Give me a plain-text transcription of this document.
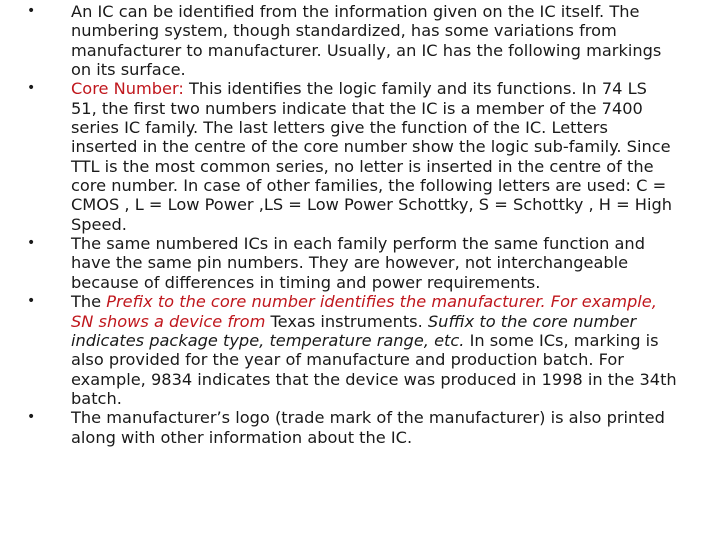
•	An IC can be identified from the information given on the IC itself. The numbering system, though standardized, has some variations from manufacturer to manufacturer. Usually, an IC has the following markings on its surface.
•	Core Number: This identifies the logic family and its functions. In 74 LS 51, the first two numbers indicate that the IC is a member of the 7400 series IC family. The last letters give the function of the IC. Letters inserted in the centre of the core number show the logic sub-family. Since TTL is the most common series, no letter is inserted in the centre of the core number. In case of other families, the following letters are used: C = CMOS , L = Low Power ,LS = Low Power Schottky, S = Schottky , H = High Speed.
•	The same numbered ICs in each family perform the same function and have the same pin numbers. They are however, not interchangeable because of differences in timing and power requirements.
•	The Prefix to the core number identifies the manufacturer. For example, SN shows a device from Texas instruments. Suffix to the core number indicates package type, temperature range, etc. In some ICs, marking is also provided for the year of manufacture and production batch. For example, 9834 indicates that the device was produced in 1998 in the 34th batch.
•	The manufacturer’s logo (trade mark of the manufacturer) is also printed along with other information about the IC.
